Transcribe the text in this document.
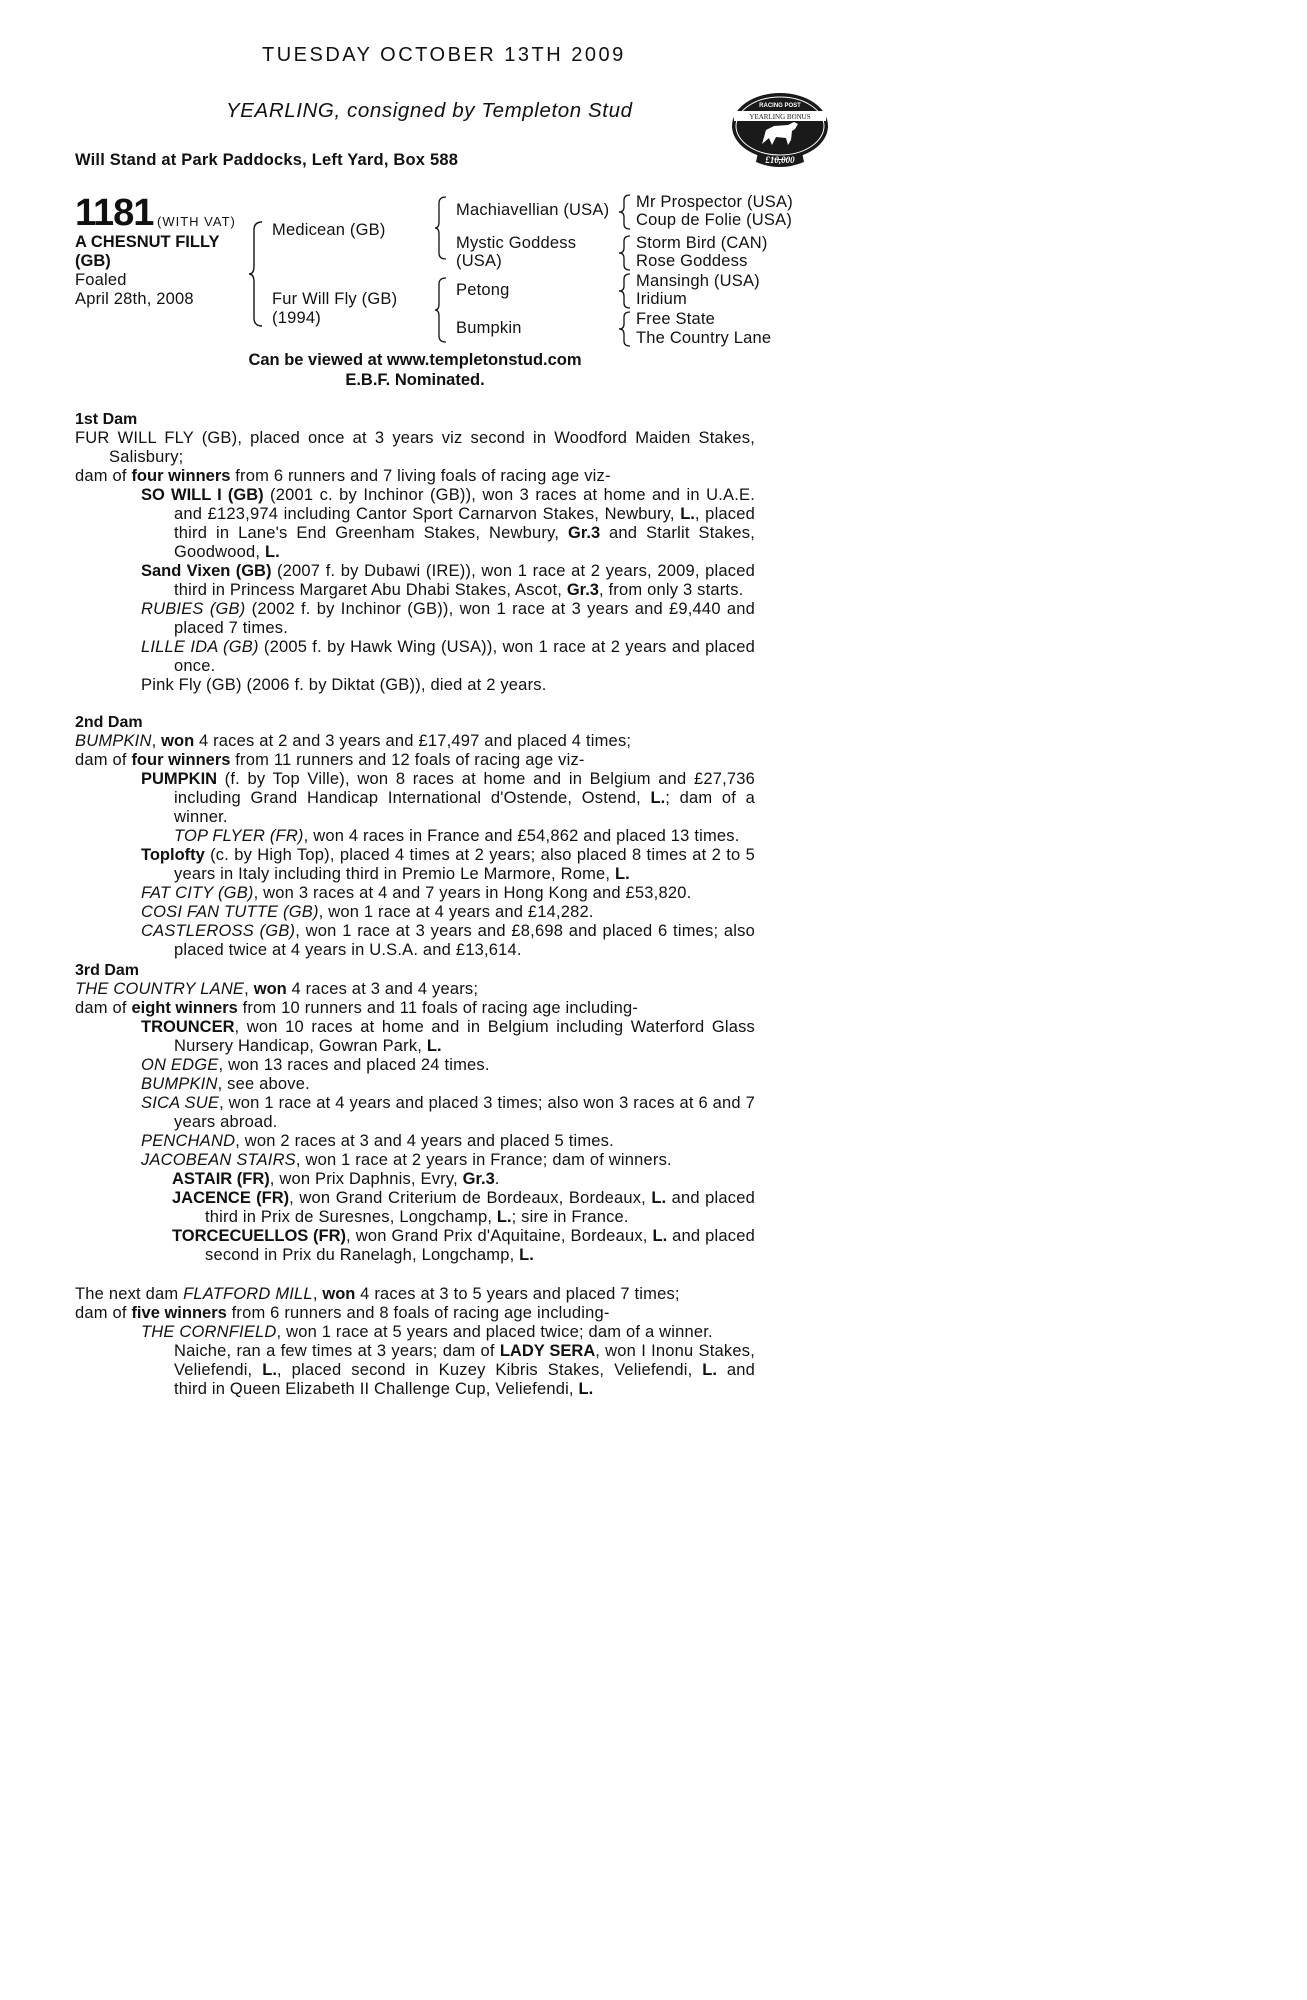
TUESDAY OCTOBER 13TH 2009
YEARLING, consigned by Templeton Stud
Will Stand at Park Paddocks, Left Yard, Box 588
RACING POST
YEARLING BONUS
£10,000
1181 (WITH VAT)
A CHESNUT FILLY
(GB)
Foaled
April 28th, 2008
Medicean (GB)
Fur Will Fly (GB)
(1994)
Machiavellian (USA)
Mystic Goddess
(USA)
Petong
Bumpkin
Mr Prospector (USA)
Coup de Folie (USA)
Storm Bird (CAN)
Rose Goddess
Mansingh (USA)
Iridium
Free State
The Country Lane
Can be viewed at www.templetonstud.com
E.B.F. Nominated.
1st Dam
FUR WILL FLY (GB), placed once at 3 years viz second in Woodford Maiden Stakes,
Salisbury;
dam of four winners from 6 runners and 7 living foals of racing age viz-
SO WILL I (GB) (2001 c. by Inchinor (GB)), won 3 races at home and in U.A.E.
and £123,974 including Cantor Sport Carnarvon Stakes, Newbury, L., placed
third in Lane's End Greenham Stakes, Newbury, Gr.3 and Starlit Stakes,
Goodwood, L.
Sand Vixen (GB) (2007 f. by Dubawi (IRE)), won 1 race at 2 years, 2009, placed
third in Princess Margaret Abu Dhabi Stakes, Ascot, Gr.3, from only 3 starts.
RUBIES (GB) (2002 f. by Inchinor (GB)), won 1 race at 3 years and £9,440 and
placed 7 times.
LILLE IDA (GB) (2005 f. by Hawk Wing (USA)), won 1 race at 2 years and placed
once.
Pink Fly (GB) (2006 f. by Diktat (GB)), died at 2 years.
2nd Dam
BUMPKIN, won 4 races at 2 and 3 years and £17,497 and placed 4 times;
dam of four winners from 11 runners and 12 foals of racing age viz-
PUMPKIN (f. by Top Ville), won 8 races at home and in Belgium and £27,736
including Grand Handicap International d'Ostende, Ostend, L.; dam of a winner.
TOP FLYER (FR), won 4 races in France and £54,862 and placed 13 times.
Toplofty (c. by High Top), placed 4 times at 2 years; also placed 8 times at 2 to 5
years in Italy including third in Premio Le Marmore, Rome, L.
FAT CITY (GB), won 3 races at 4 and 7 years in Hong Kong and £53,820.
COSI FAN TUTTE (GB), won 1 race at 4 years and £14,282.
CASTLEROSS (GB), won 1 race at 3 years and £8,698 and placed 6 times; also
placed twice at 4 years in U.S.A. and £13,614.
3rd Dam
THE COUNTRY LANE, won 4 races at 3 and 4 years;
dam of eight winners from 10 runners and 11 foals of racing age including-
TROUNCER, won 10 races at home and in Belgium including Waterford Glass
Nursery Handicap, Gowran Park, L.
ON EDGE, won 13 races and placed 24 times.
BUMPKIN, see above.
SICA SUE, won 1 race at 4 years and placed 3 times; also won 3 races at 6 and 7
years abroad.
PENCHAND, won 2 races at 3 and 4 years and placed 5 times.
JACOBEAN STAIRS, won 1 race at 2 years in France; dam of winners.
ASTAIR (FR), won Prix Daphnis, Evry, Gr.3.
JACENCE (FR), won Grand Criterium de Bordeaux, Bordeaux, L. and placed
third in Prix de Suresnes, Longchamp, L.; sire in France.
TORCECUELLOS (FR), won Grand Prix d'Aquitaine, Bordeaux, L. and placed
second in Prix du Ranelagh, Longchamp, L.
The next dam FLATFORD MILL, won 4 races at 3 to 5 years and placed 7 times;
dam of five winners from 6 runners and 8 foals of racing age including-
THE CORNFIELD, won 1 race at 5 years and placed twice; dam of a winner.
Naiche, ran a few times at 3 years; dam of LADY SERA, won I Inonu Stakes,
Veliefendi, L., placed second in Kuzey Kibris Stakes, Veliefendi, L. and
third in Queen Elizabeth II Challenge Cup, Veliefendi, L.
